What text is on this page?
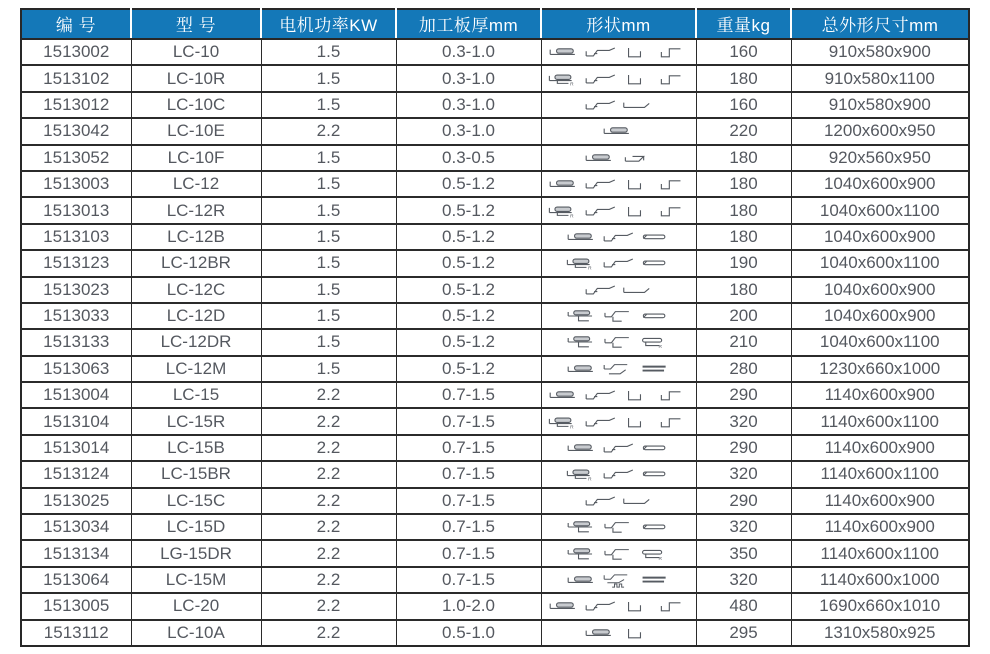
编 号	型 号	电机功率KW	加工板厚mm	形状mm	重量kg	总外形尺寸mm
1513002	LC-10	1.5	0.3-1.0		160	910x580x900
1513102	LC-10R	1.5	0.3-1.0		180	910x580x1100
1513012	LC-10C	1.5	0.3-1.0		160	910x580x900
1513042	LC-10E	2.2	0.3-1.0		220	1200x600x950
1513052	LC-10F	1.5	0.3-0.5		180	920x560x950
1513003	LC-12	1.5	0.5-1.2		180	1040x600x900
1513013	LC-12R	1.5	0.5-1.2		180	1040x600x1100
1513103	LC-12B	1.5	0.5-1.2		180	1040x600x900
1513123	LC-12BR	1.5	0.5-1.2		190	1040x600x1100
1513023	LC-12C	1.5	0.5-1.2		180	1040x600x900
1513033	LC-12D	1.5	0.5-1.2		200	1040x600x900
1513133	LC-12DR	1.5	0.5-1.2		210	1040x600x1100
1513063	LC-12M	1.5	0.5-1.2		280	1230x660x1000
1513004	LC-15	2.2	0.7-1.5		290	1140x600x900
1513104	LC-15R	2.2	0.7-1.5		320	1140x600x1100
1513014	LC-15B	2.2	0.7-1.5		290	1140x600x900
1513124	LC-15BR	2.2	0.7-1.5		320	1140x600x1100
1513025	LC-15C	2.2	0.7-1.5		290	1140x600x900
1513034	LC-15D	2.2	0.7-1.5		320	1140x600x900
1513134	LG-15DR	2.2	0.7-1.5		350	1140x600x1100
1513064	LC-15M	2.2	0.7-1.5		320	1140x600x1000
1513005	LC-20	2.2	1.0-2.0		480	1690x660x1010
1513112	LC-10A	2.2	0.5-1.0		295	1310x580x925
